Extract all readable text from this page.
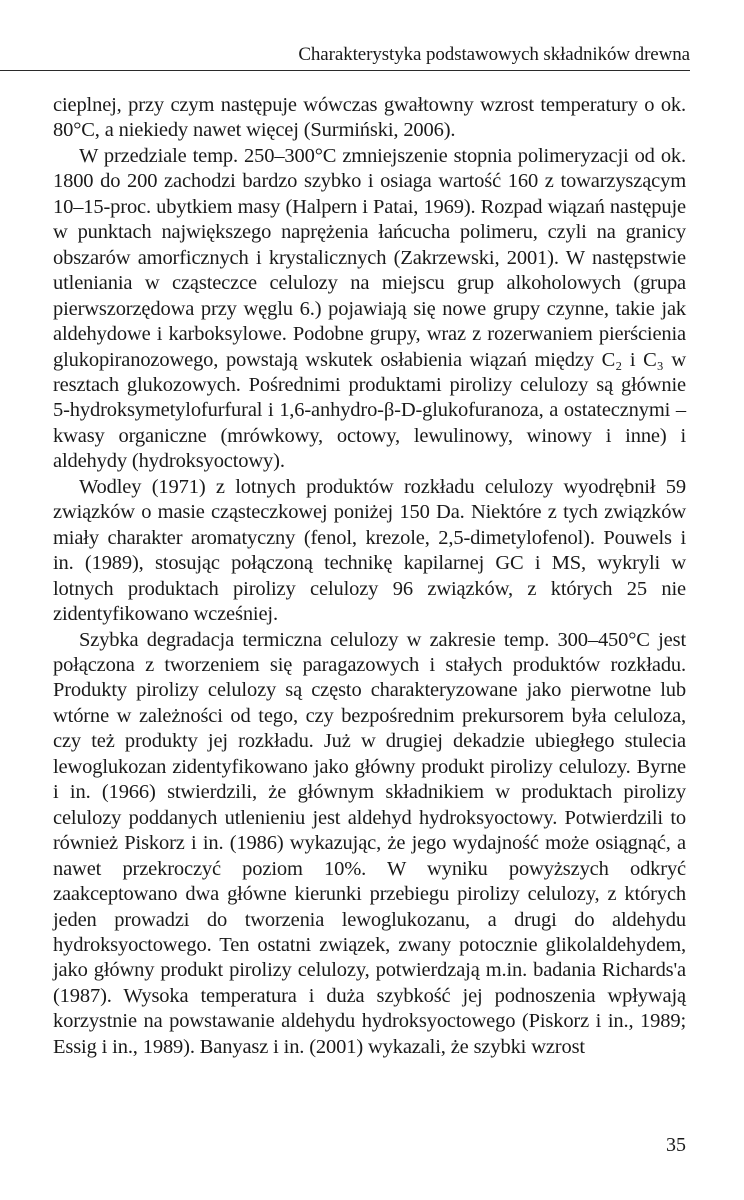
Charakterystyka podstawowych składników drewna

cieplnej, przy czym następuje wówczas gwałtowny wzrost temperatury o ok. 80°C, a niekiedy nawet więcej (Surmiński, 2006).

W przedziale temp. 250–300°C zmniejszenie stopnia polimeryzacji od ok. 1800 do 200 zachodzi bardzo szybko i osiaga wartość 160 z towarzyszącym 10–15-proc. ubytkiem masy (Halpern i Patai, 1969). Rozpad wiązań następuje w punktach największego naprężenia łańcucha polimeru, czyli na granicy obszarów amorficznych i krystalicznych (Zakrzewski, 2001). W następstwie utleniania w cząsteczce celulozy na miejscu grup alkoholowych (grupa pierwszorzędowa przy węglu 6.) pojawiają się nowe grupy czynne, takie jak aldehydowe i karboksylowe. Podobne grupy, wraz z rozerwaniem pierścienia glukopiranozowego, powstają wskutek osłabienia wiązań między C₂ i C₃ w resztach glukozowych. Pośrednimi produktami pirolizy celulozy są głównie 5-hydroksymetylofurfural i 1,6-anhydro-β-D-glukofuranoza, a ostatecznymi – kwasy organiczne (mrówkowy, octowy, lewulinowy, winowy i inne) i aldehydy (hydroksyoctowy).

Wodley (1971) z lotnych produktów rozkładu celulozy wyodrębnił 59 związków o masie cząsteczkowej poniżej 150 Da. Niektóre z tych związków miały charakter aromatyczny (fenol, krezole, 2,5-dimetylofenol). Pouwels i in. (1989), stosując połączoną technikę kapilarnej GC i MS, wykryli w lotnych produktach pirolizy celulozy 96 związków, z których 25 nie zidentyfikowano wcześniej.

Szybka degradacja termiczna celulozy w zakresie temp. 300–450°C jest połączona z tworzeniem się paragazowych i stałych produktów rozkładu. Produkty pirolizy celulozy są często charakteryzowane jako pierwotne lub wtórne w zależności od tego, czy bezpośrednim prekursorem była celuloza, czy też produkty jej rozkładu. Już w drugiej dekadzie ubiegłego stulecia lewoglukozan zidentyfikowano jako główny produkt pirolizy celulozy. Byrne i in. (1966) stwierdzili, że głównym składnikiem w produktach pirolizy celulozy poddanych utlenieniu jest aldehyd hydroksyoctowy. Potwierdzili to również Piskorz i in. (1986) wykazując, że jego wydajność może osiągnąć, a nawet przekroczyć poziom 10%. W wyniku powyższych odkryć zaakceptowano dwa główne kierunki przebiegu pirolizy celulozy, z których jeden prowadzi do tworzenia lewoglukozanu, a drugi do aldehydu hydroksyoctowego. Ten ostatni związek, zwany potocznie glikolaldehydem, jako główny produkt pirolizy celulozy, potwierdzają m.in. badania Richards'a (1987). Wysoka temperatura i duża szybkość jej podnoszenia wpływają korzystnie na powstawanie aldehydu hydroksyoctowego (Piskorz i in., 1989; Essig i in., 1989). Banyasz i in. (2001) wykazali, że szybki wzrost

35
